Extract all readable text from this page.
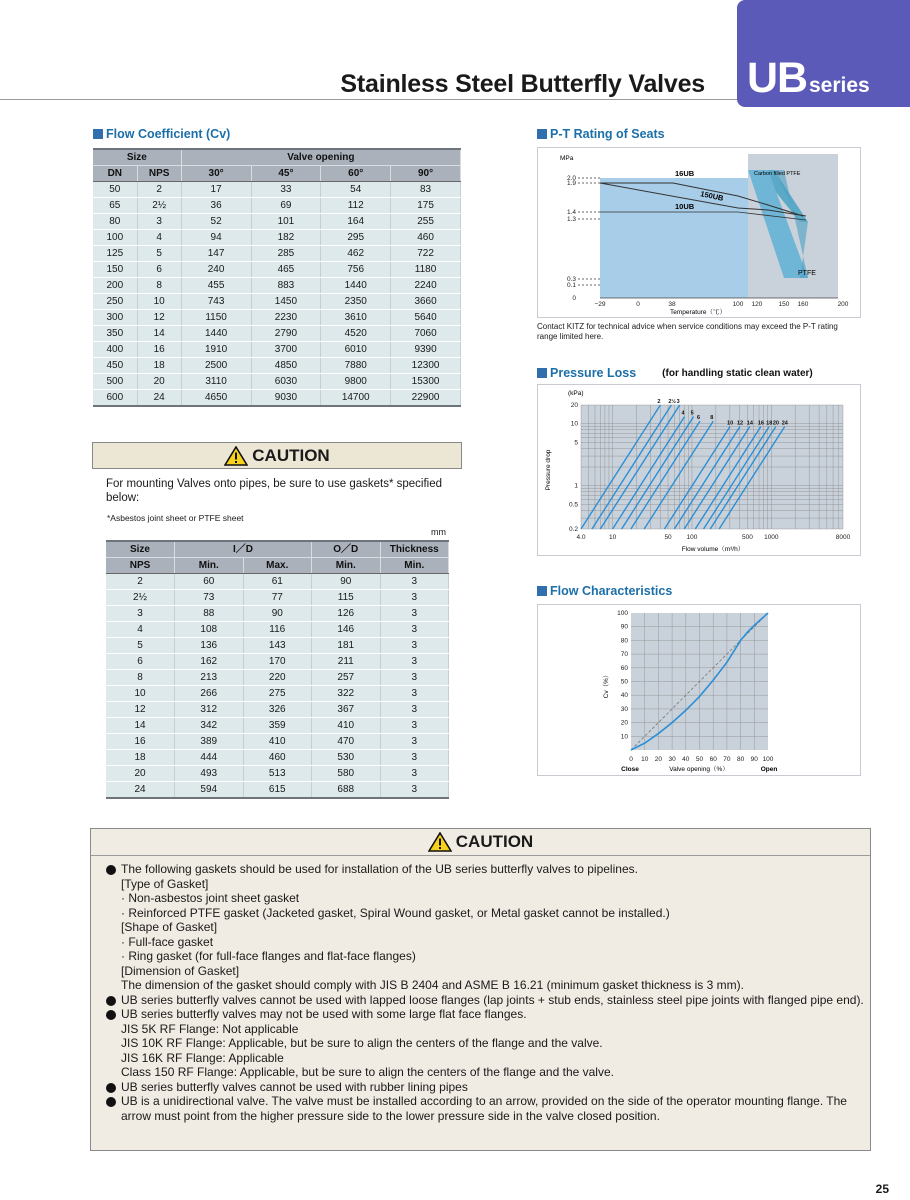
Stainless Steel Butterfly Valves UB series
Flow Coefficient (Cv)
Size		Valve opening			
DN	NPS	30°	45°	60°	90°
50	2	17	33	54	83
65	2½	36	69	112	175
80	3	52	101	164	255
100	4	94	182	295	460
125	5	147	285	462	722
150	6	240	465	756	1180
200	8	455	883	1440	2240
250	10	743	1450	2350	3660
300	12	1150	2230	3610	5640
350	14	1440	2790	4520	7060
400	16	1910	3700	6010	9390
450	18	2500	4850	7880	12300
500	20	3110	6030	9800	15300
600	24	4650	9030	14700	22900
CAUTION
For mounting Valves onto pipes, be sure to use gaskets* specified below:
*Asbestos joint sheet or PTFE sheet
mm
Size	I／D		O／D	Thickness
NPS	Min.	Max.	Min.	Min.
2	60	61	90	3
2½	73	77	115	3
3	88	90	126	3
4	108	116	146	3
5	136	143	181	3
6	162	170	211	3
8	213	220	257	3
10	266	275	322	3
12	312	326	367	3
14	342	359	410	3
16	389	410	470	3
18	444	460	530	3
20	493	513	580	3
24	594	615	688	3
P-T Rating of Seats
2.0
1.9
1.4
1.3
0.3
0.1
0
−29	0	38	100 120 150 160	200
MPa
Temperature（℃）
16UB
150UB
10UB
Carbon filled PTFE
PTFE
Contact KITZ for technical advice when service conditions may exceed the P-T rating range limited here.
Pressure Loss	(for handling static clean water)
2 2½ 3
4 5
6 8
10 12 14 16 18 20 24
20
10
5
1
0.5
0.2
4.0	10	50 100	500 1000	8000
(kPa)
Pressure drop
Flow volume（m³/h）
Flow Characteristics
10
20
30
40
50
60
70
80
90
100
0 10 20 30 40 50 60 70 80 90 100
Cv（%）
Valve opening（%）
Close	Open
CAUTION
The following gaskets should be used for installation of the UB series butterfly valves to pipelines.
[Type of Gasket]
· Non-asbestos joint sheet gasket
· Reinforced PTFE gasket (Jacketed gasket, Spiral Wound gasket, or Metal gasket cannot be installed.)
[Shape of Gasket]
· Full-face gasket
· Ring gasket (for full-face flanges and flat-face flanges)
[Dimension of Gasket]
The dimension of the gasket should comply with JIS B 2404 and ASME B 16.21 (minimum gasket thickness is 3 mm).
UB series butterfly valves cannot be used with lapped loose flanges (lap joints + stub ends, stainless steel pipe joints with flanged pipe end).
UB series butterfly valves may not be used with some large flat face flanges.
JIS 5K RF Flange: Not applicable
JIS 10K RF Flange: Applicable, but be sure to align the centers of the flange and the valve.
JIS 16K RF Flange: Applicable
Class 150 RF Flange: Applicable, but be sure to align the centers of the flange and the valve.
UB series butterfly valves cannot be used with rubber lining pipes
UB is a unidirectional valve. The valve must be installed according to an arrow, provided on the side of the operator mounting flange. The arrow must point from the higher pressure side to the lower pressure side in the valve closed position.
25
